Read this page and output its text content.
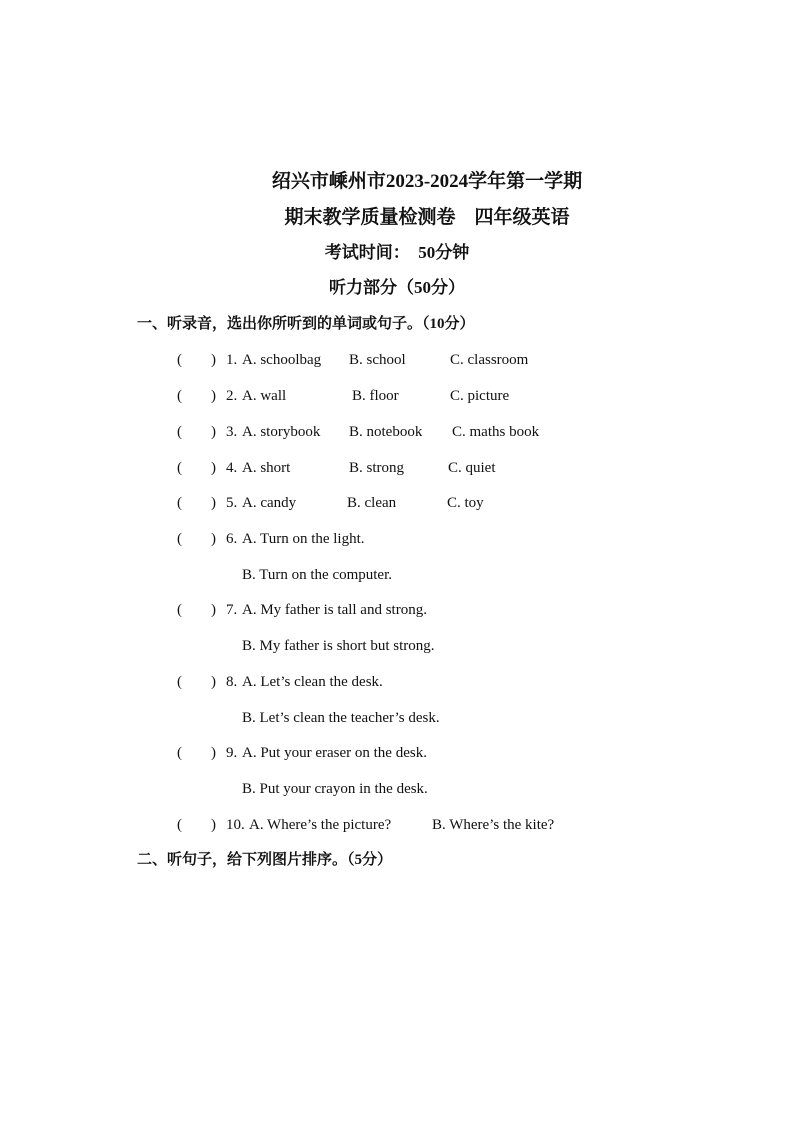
绍兴市嵊州市2023-2024学年第一学期
期末教学质量检测卷　四年级英语
考试时间：  50分钟
听力部分（50分）
一、听录音，选出你所听到的单词或句子。（10分）
( ) 1. A. schoolbag B. school	C. classroom
( ) 2. A. wall	B. floor	C. picture
( ) 3. A. storybook B. notebook C. maths book
( ) 4. A. short	B. strong	C. quiet
( ) 5. A. candy	B. clean	C. toy
( ) 6. A. Turn on the light.
B. Turn on the computer.
( ) 7. A. My father is tall and strong.
B. My father is short but strong.
( ) 8. A. Let’s clean the desk.
B. Let’s clean the teacher’s desk.
( ) 9. A. Put your eraser on the desk.
B. Put your crayon in the desk.
( ) 10. A. Where’s the picture?	B. Where’s the kite?
二、听句子，给下列图片排序。（5分）
